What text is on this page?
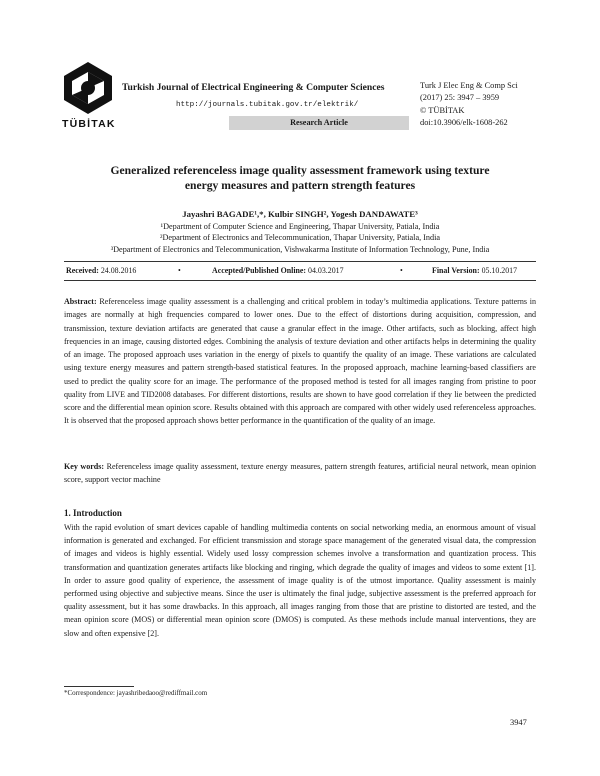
TÜBİTAK
Turkish Journal of Electrical Engineering & Computer Sciences
http://journals.tubitak.gov.tr/elektrik/
Research Article
Turk J Elec Eng & Comp Sci
(2017) 25: 3947 – 3959
© TÜBİTAK
doi:10.3906/elk-1608-262
Generalized referenceless image quality assessment framework using texture
energy measures and pattern strength features
Jayashri BAGADE¹,*, Kulbir SINGH², Yogesh DANDAWATE³
¹Department of Computer Science and Engineering, Thapar University, Patiala, India
²Department of Electronics and Telecommunication, Thapar University, Patiala, India
³Department of Electronics and Telecommunication, Vishwakarma Institute of Information Technology, Pune, India
Received: 24.08.2016	•	Accepted/Published Online: 04.03.2017	•	Final Version: 05.10.2017
Abstract: Referenceless image quality assessment is a challenging and critical problem in today’s multimedia applications. Texture patterns in images are normally at high frequencies compared to lower ones. Due to the effect of distortions during acquisition, compression, and transmission, texture deviation artifacts are generated that cause a granular effect in the image. Other artifacts, such as blocking, affect high frequencies in an image, causing distorted edges. Combining the analysis of texture deviation and other artifacts helps in determining the quality of an image. The proposed approach uses variation in the energy of pixels to quantify the quality of an image. These variations are calculated using texture energy measures and pattern strength-based statistical features. In the proposed approach, machine learning-based classifiers are used to predict the quality score for an image. The performance of the proposed method is tested for all images ranging from pristine to poor quality from LIVE and TID2008 databases. For different distortions, results are shown to have good correlation if they lie between the predicted score and the differential mean opinion score. Results obtained with this approach are compared with other widely used referenceless approaches. It is observed that the proposed approach shows better performance in the quantification of the quality of an image.
Key words: Referenceless image quality assessment, texture energy measures, pattern strength features, artificial neural network, mean opinion score, support vector machine
1. Introduction
With the rapid evolution of smart devices capable of handling multimedia contents on social networking media, an enormous amount of visual information is generated and exchanged. For efficient transmission and storage space management of the generated visual data, the compression of images and videos is highly essential. Widely used lossy compression schemes involve a transformation and quantization process. This transformation and quantization generates artifacts like blocking and ringing, which degrade the quality of images and videos to some extent [1]. In order to assure good quality of experience, the assessment of image quality is of the utmost importance. Quality assessment is mainly performed using objective and subjective means. Since the user is ultimately the final judge, subjective assessment is the preferred approach for quality assessment, but it has some drawbacks. In this approach, all images ranging from those that are pristine to distorted are tested, and the mean opinion score (MOS) or differential mean opinion score (DMOS) is computed. As these methods include manual interventions, they are slow and often expensive [2].
*Correspondence: jayashribedaoo@rediffmail.com
3947
